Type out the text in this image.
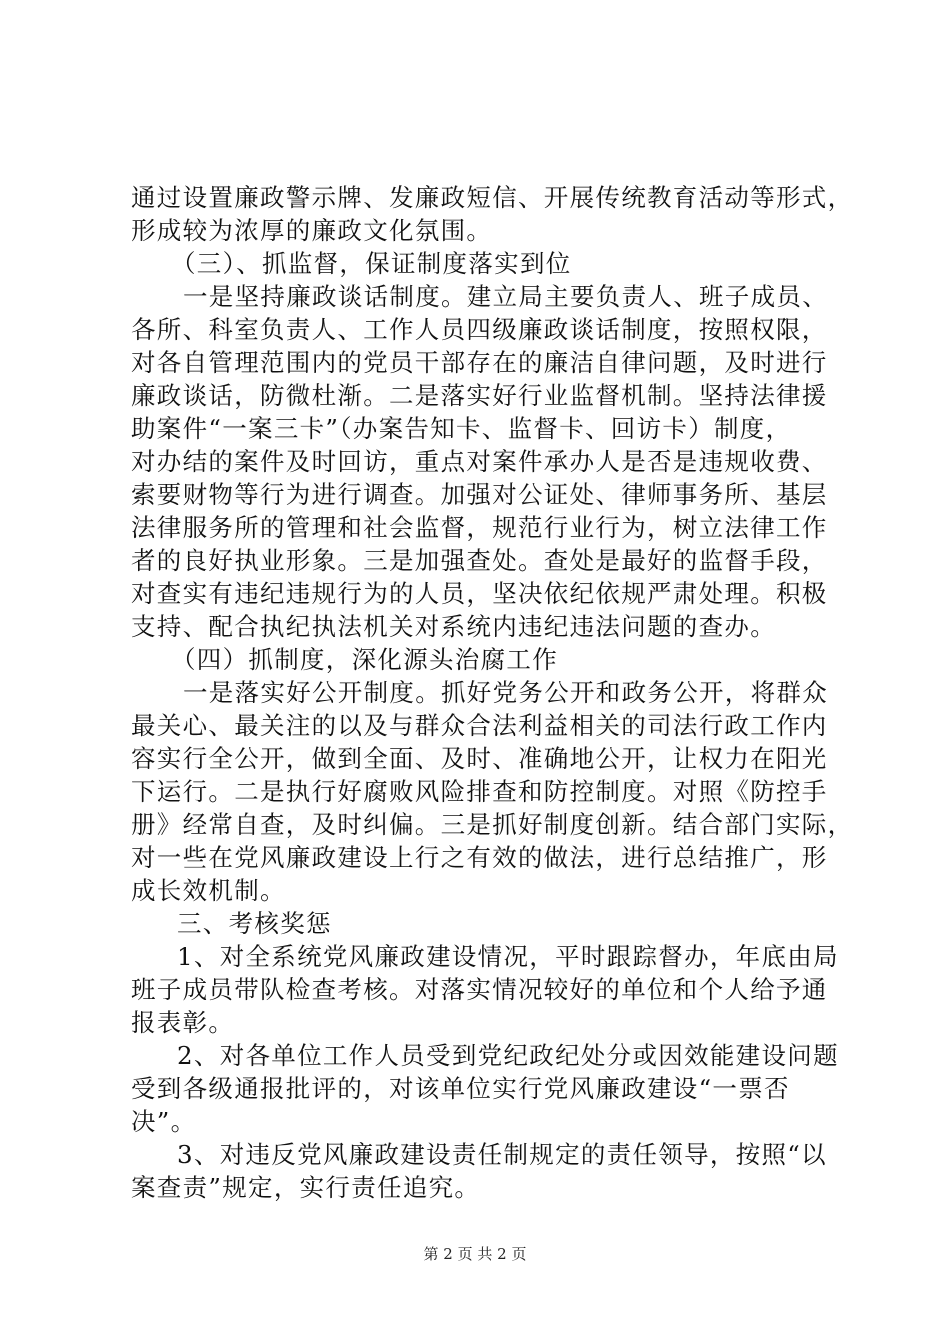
通过设置廉政警示牌、发廉政短信、开展传统教育活动等形式，
形成较为浓厚的廉政文化氛围。
（三）、抓监督，保证制度落实到位
一是坚持廉政谈话制度。建立局主要负责人、班子成员、
各所、科室负责人、工作人员四级廉政谈话制度，按照权限，
对各自管理范围内的党员干部存在的廉洁自律问题，及时进行
廉政谈话，防微杜渐。二是落实好行业监督机制。坚持法律援
助案件“一案三卡”（办案告知卡、监督卡、回访卡）制度，
对办结的案件及时回访，重点对案件承办人是否是违规收费、
索要财物等行为进行调查。加强对公证处、律师事务所、基层
法律服务所的管理和社会监督，规范行业行为，树立法律工作
者的良好执业形象。三是加强查处。查处是最好的监督手段，
对查实有违纪违规行为的人员，坚决依纪依规严肃处理。积极
支持、配合执纪执法机关对系统内违纪违法问题的查办。
（四）抓制度，深化源头治腐工作
一是落实好公开制度。抓好党务公开和政务公开，将群众
最关心、最关注的以及与群众合法利益相关的司法行政工作内
容实行全公开，做到全面、及时、准确地公开，让权力在阳光
下运行。二是执行好腐败风险排查和防控制度。对照《防控手
册》经常自查，及时纠偏。三是抓好制度创新。结合部门实际，
对一些在党风廉政建设上行之有效的做法，进行总结推广，形
成长效机制。
三、考核奖惩
1、对全系统党风廉政建设情况，平时跟踪督办，年底由局
班子成员带队检查考核。对落实情况较好的单位和个人给予通
报表彰。
2、对各单位工作人员受到党纪政纪处分或因效能建设问题
受到各级通报批评的，对该单位实行党风廉政建设“一票否
决”。
3、对违反党风廉政建设责任制规定的责任领导，按照“以
案查责”规定，实行责任追究。
第 2 页 共 2 页
